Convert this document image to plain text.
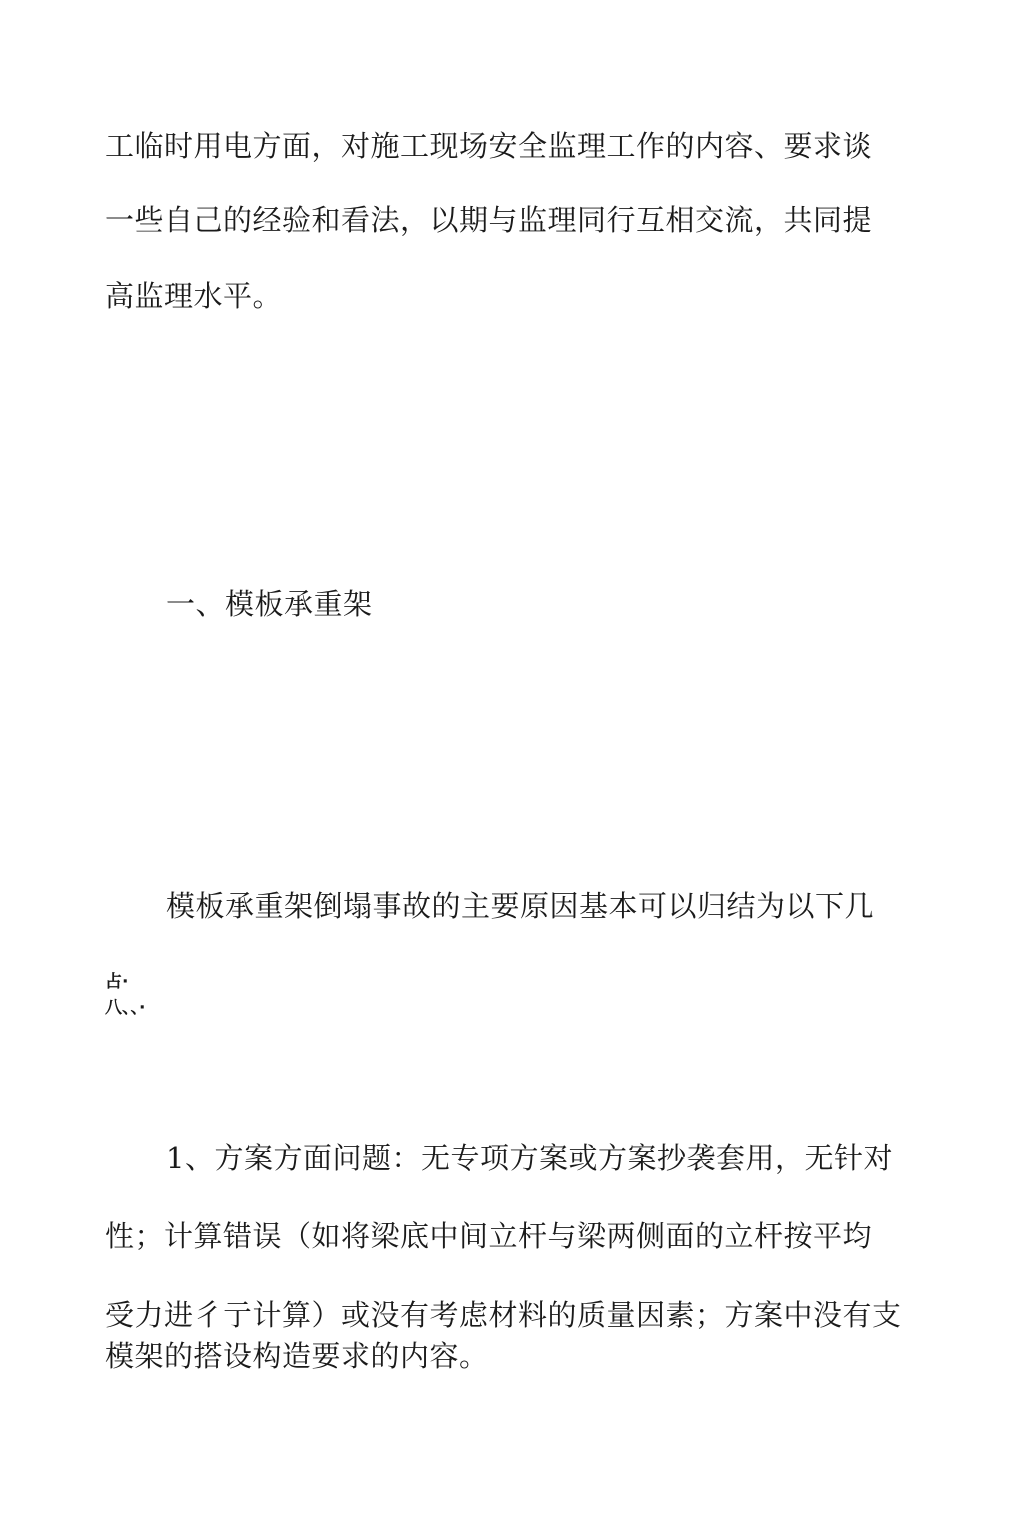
工临时用电方面，对施工现场安全监理工作的内容、要求谈
一些自己的经验和看法，以期与监理同行互相交流，共同提
高监理水平。
一、模板承重架
模板承重架倒塌事故的主要原因基本可以归结为以下几
占·
八、、·
1、方案方面问题：无专项方案或方案抄袭套用，无针对
性；计算错误（如将梁底中间立杆与梁两侧面的立杆按平均
受力进彳亍计算）或没有考虑材料的质量因素；方案中没有支
模架的搭设构造要求的内容。
